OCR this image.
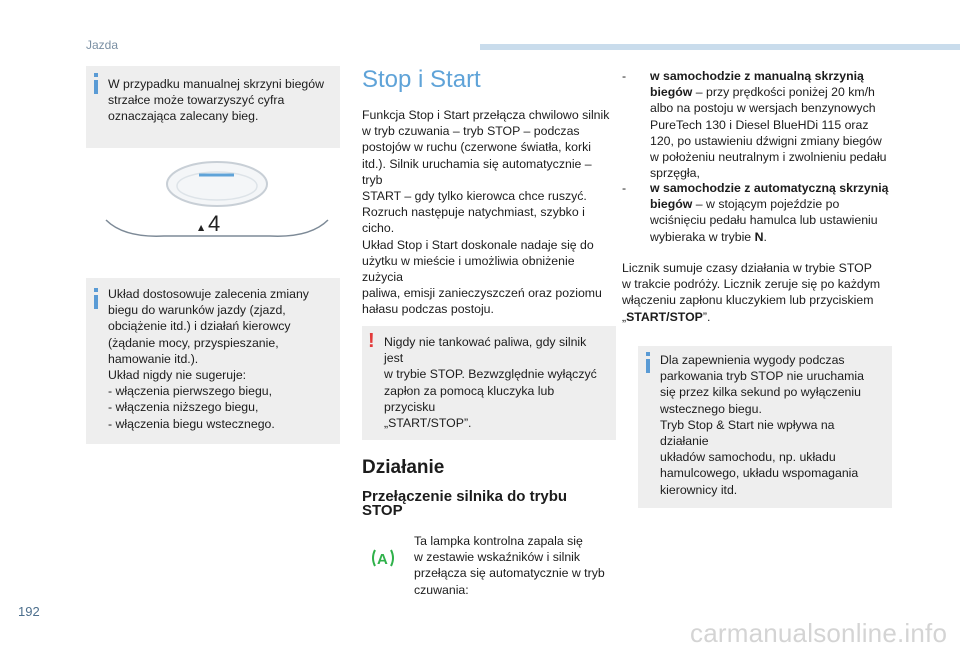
Jazda
W przypadku manualnej skrzyni biegów
strzałce może towarzyszyć cyfra
oznaczająca zalecany bieg.
▲ 4
Układ dostosowuje zalecenia zmiany
biegu do warunków jazdy (zjazd,
obciążenie itd.) i działań kierowcy
(żądanie mocy, przyspieszanie,
hamowanie itd.).
Układ nigdy nie sugeruje:
- włączenia pierwszego biegu,
- włączenia niższego biegu,
- włączenia biegu wstecznego.
Stop i Start
Funkcja Stop i Start przełącza chwilowo silnik
w tryb czuwania – tryb STOP – podczas
postojów w ruchu (czerwone światła, korki
itd.). Silnik uruchamia się automatycznie – tryb
START – gdy tylko kierowca chce ruszyć.
Rozruch następuje natychmiast, szybko i cicho.
Układ Stop i Start doskonale nadaje się do
użytku w mieście i umożliwia obniżenie zużycia
paliwa, emisji zanieczyszczeń oraz poziomu
hałasu podczas postoju.
! Nigdy nie tankować paliwa, gdy silnik jest
w trybie STOP. Bezwzględnie wyłączyć
zapłon za pomocą kluczyka lub przycisku
„START/STOP”.
Działanie
Przełączenie silnika do trybu STOP
A
Ta lampka kontrolna zapala się
w zestawie wskaźników i silnik
przełącza się automatycznie w tryb
czuwania:
- w samochodzie z manualną skrzynią biegów – przy prędkości poniżej 20 km/h albo na postoju w wersjach benzynowych PureTech 130 i Diesel BlueHDi 115 oraz 120, po ustawieniu dźwigni zmiany biegów w położeniu neutralnym i zwolnieniu pedału sprzęgła,
- w samochodzie z automatyczną skrzynią biegów – w stojącym pojeździe po wciśnięciu pedału hamulca lub ustawieniu wybieraka w trybie N.
Licznik sumuje czasy działania w trybie STOP
w trakcie podróży. Licznik zeruje się po każdym
włączeniu zapłonu kluczykiem lub przyciskiem
„START/STOP”.
Dla zapewnienia wygody podczas
parkowania tryb STOP nie uruchamia
się przez kilka sekund po wyłączeniu
wstecznego biegu.
Tryb Stop & Start nie wpływa na działanie
układów samochodu, np. układu
hamulcowego, układu wspomagania
kierownicy itd.
192
carmanualsonline.info
